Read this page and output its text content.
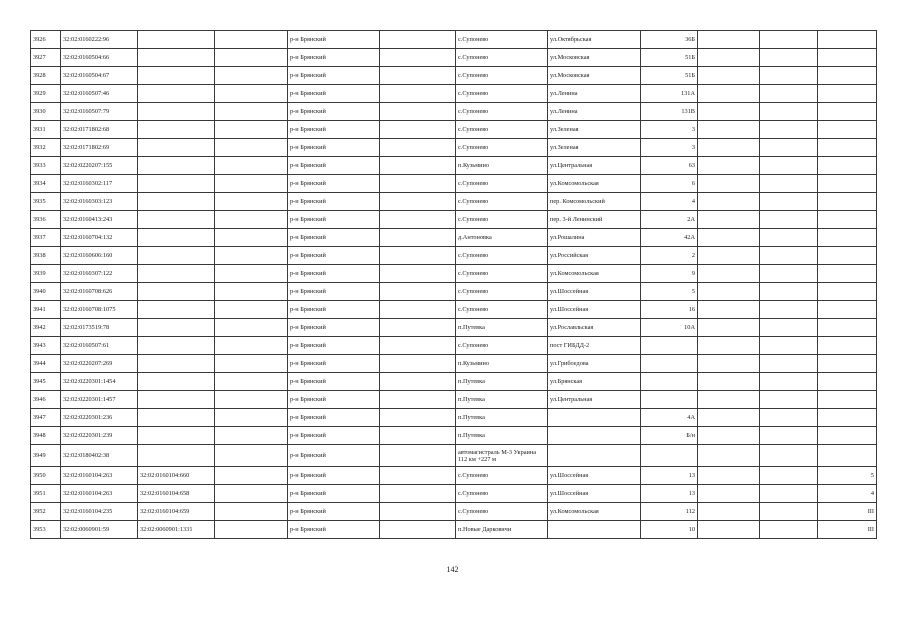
3926	32:02:0160222:96			р-н Брянский		с.Супонево	ул.Октябрьская	36Б			
3927	32:02:0160504:66			р-н Брянский		с.Супонево	ул.Московская	51Б			
3928	32:02:0160504:67			р-н Брянский		с.Супонево	ул.Московская	51Б			
3929	32:02:0160507:46			р-н Брянский		с.Супонево	ул.Ленина	131А			
3930	32:02:0160507:79			р-н Брянский		с.Супонево	ул.Ленина	131В			
3931	32:02:0171802:68			р-н Брянский		с.Супонево	ул.Зеленая	3			
3932	32:02:0171802:69			р-н Брянский		с.Супонево	ул.Зеленая	3			
3933	32:02:0220207:155			р-н Брянский		п.Кузьмино	ул.Центральная	63			
3934	32:02:0160302:117			р-н Брянский		с.Супонево	ул.Комсомольская	6			
3935	32:02:0160303:123			р-н Брянский		с.Супонево	пер. Комсомольский	4			
3936	32:02:0160413:243			р-н Брянский		с.Супонево	пер. 3-й Ленинский	2А			
3937	32:02:0160704:132			р-н Брянский		д.Антоновка	ул.Рошалина	42А			
3938	32:02:0160606:160			р-н Брянский		с.Супонево	ул.Российская	2			
3939	32:02:0160307:122			р-н Брянский		с.Супонево	ул.Комсомольская	9			
3940	32:02:0160708:626			р-н Брянский		с.Супонево	ул.Шоссейная	5			
3941	32:02:0160708:1075			р-н Брянский		с.Супонево	ул.Шоссейная	16			
3942	32:02:0173519:78			р-н Брянский		п.Путевка	ул.Рославльская	10А			
3943	32:02:0160507:61			р-н Брянский		с.Супонево	пост ГИБДД-2				
3944	32:02:0220207:269			р-н Брянский		п.Кузьмино	ул.Грибоедова				
3945	32:02:0220301:1454			р-н Брянский		п.Путевка	ул.Брянская				
3946	32:02:0220301:1457			р-н Брянский		п.Путевка	ул.Центральная				
3947	32:02:0220301:236			р-н Брянский		п.Путевка		4А			
3948	32:02:0220301:239			р-н Брянский		п.Путевка		Б/н			
3949	32:02:0180402:38			р-н Брянский		автомагистраль М-3 Украина 112 км +227 м					
3950	32:02:0160104:263	32:02:0160104:660		р-н Брянский		с.Супонево	ул.Шоссейная	13			5
3951	32:02:0160104:263	32:02:0160104:658		р-н Брянский		с.Супонево	ул.Шоссейная	13			4
3952	32:02:0160104:235	32:02:0160104:659		р-н Брянский		с.Супонево	ул.Комсомольская	112			III
3953	32:02:0060901:59	32:02:0060901:1331		р-н Брянский		п.Новые Дарковичи		10			III
142
